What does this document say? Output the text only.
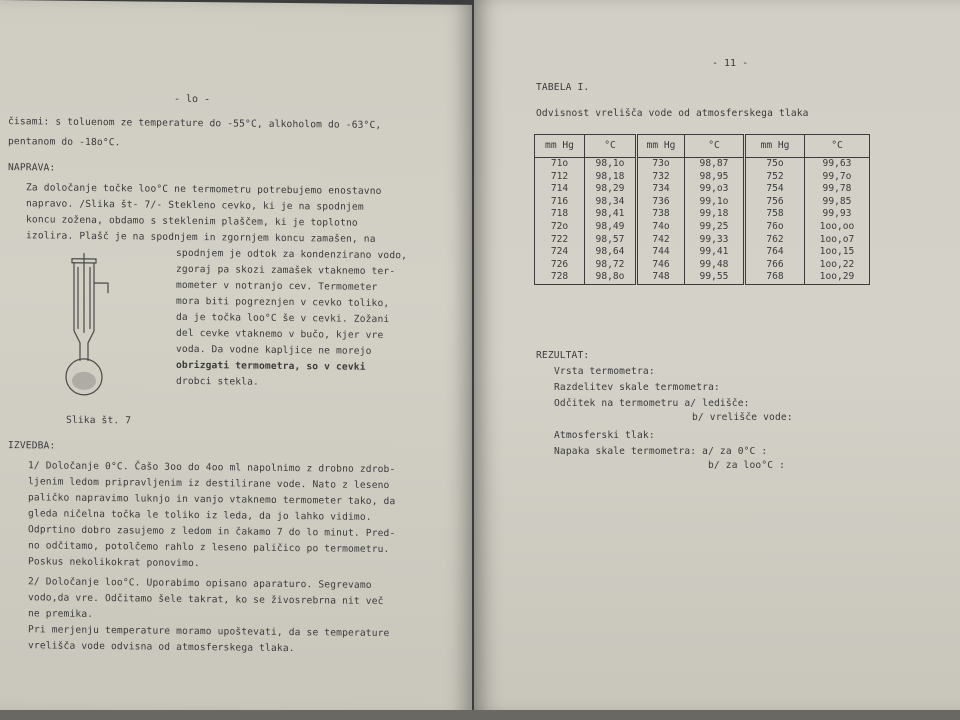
- lo -
čisami: s toluenom ze temperature do -55°C, alkoholom do -63°C,
pentanom do -18o°C.
NAPRAVA:
Za določanje točke loo°C ne termometru potrebujemo enostavno
napravo. /Slika št- 7/- Stekleno cevko, ki je na spodnjem
koncu zožena, obdamo s steklenim plaščem, ki je toplotno
izolira. Plašč je na spodnjem in zgornjem koncu zamašen, na
spodnjem je odtok za kondenzirano vodo,
zgoraj pa skozi zamašek vtaknemo ter-
mometer v notranjo cev. Termometer
mora biti pogreznjen v cevko toliko,
da je točka loo°C še v cevki. Zožani
del cevke vtaknemo v bučo, kjer vre
voda. Da vodne kapljice ne morejo
obrizgati termometra, so v cevki
drobci stekla.
Slika št. 7
IZVEDBA:
1/ Določanje 0°C. Čašo 3oo do 4oo ml napolnimo z drobno zdrob-
ljenim ledom pripravljenim iz destilirane vode. Nato z leseno
paličko napravimo luknjo in vanjo vtaknemo termometer tako, da
gleda ničelna točka le toliko iz leda, da jo lahko vidimo.
Odprtino dobro zasujemo z ledom in čakamo 7 do lo minut. Pred-
no odčitamo, potolčemo rahlo z leseno paličico po termometru.
Poskus nekolikokrat ponovimo.
2/ Določanje loo°C. Uporabimo opisano aparaturo. Segrevamo
vodo,da vre. Odčitamo šele takrat, ko se živosrebrna nit več
ne premika.
Pri merjenju temperature moramo upoštevati, da se temperature
vrelišča vode odvisna od atmosferskega tlaka.
- 11 -
TABELA I.
Odvisnost vrelišča vode od atmosferskega tlaka
mm Hg	°C	mm Hg	°C	mm Hg	°C
71o	98,1o	73o	98,87	75o	99,63
712	98,18	732	98,95	752	99,7o
714	98,29	734	99,o3	754	99,78
716	98,34	736	99,1o	756	99,85
718	98,41	738	99,18	758	99,93
72o	98,49	74o	99,25	76o	1oo,oo
722	98,57	742	99,33	762	1oo,o7
724	98,64	744	99,41	764	1oo,15
726	98,72	746	99,48	766	1oo,22
728	98,8o	748	99,55	768	1oo,29
REZULTAT:
Vrsta termometra:
Razdelitev skale termometra:
Odčitek na termometru a/ ledišče:
b/ vrelišče vode:
Atmosferski tlak:
Napaka skale termometra: a/ za 0°C :
b/ za loo°C :
